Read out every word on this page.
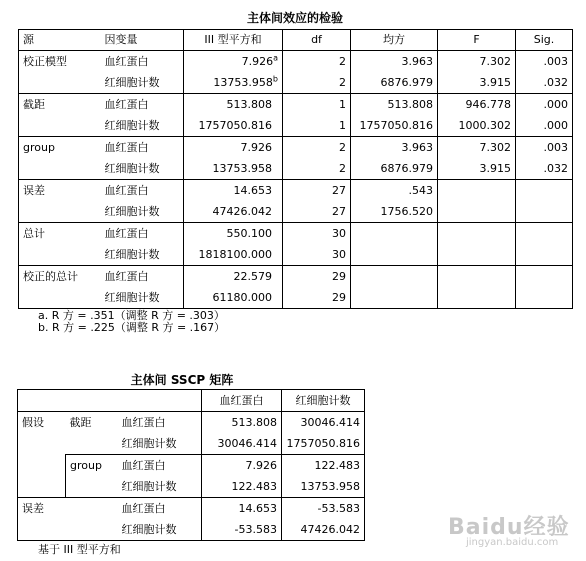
主体间效应的检验
源	因变量	III 型平方和	df	均方	F	Sig.
校正模型	血红蛋白	7.926$^a$	2	3.963	7.302	.003
	红细胞计数	13753.958$^b$	2	6876.979	3.915	.032
截距	血红蛋白	513.808	1	513.808	946.778	.000
	红细胞计数	1757050.816	1	1757050.816	1000.302	.000
group	血红蛋白	7.926	2	3.963	7.302	.003
	红细胞计数	13753.958	2	6876.979	3.915	.032
误差	血红蛋白	14.653	27	.543		
	红细胞计数	47426.042	27	1756.520		
总计	血红蛋白	550.100	30			
	红细胞计数	1818100.000	30			
校正的总计	血红蛋白	22.579	29			
	红细胞计数	61180.000	29			
a. R 方 = .351（调整 R 方 = .303）
b. R 方 = .225（调整 R 方 = .167）
主体间 SSCP 矩阵
			血红蛋白	红细胞计数
假设	截距	血红蛋白	513.808	30046.414
		红细胞计数	30046.414	1757050.816
	group	血红蛋白	7.926	122.483
		红细胞计数	122.483	13753.958
误差		血红蛋白	14.653	-53.583
		红细胞计数	-53.583	47426.042
基于 III 型平方和
Baidu经验
jingyan.baidu.com
